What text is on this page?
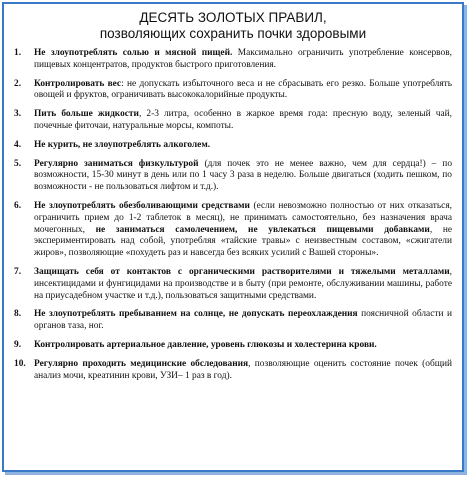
ДЕСЯТЬ ЗОЛОТЫХ ПРАВИЛ,
позволяющих сохранить почки здоровыми
1. Не злоупотреблять солью и мясной пищей. Максимально ограничить употребление консервов, пищевых концентратов, продуктов быстрого приготовления.
2. Контролировать вес: не допускать избыточного веса и не сбрасывать его резко. Больше употреблять овощей и фруктов, ограничивать высококалорийные продукты.
3. Пить больше жидкости, 2-3 литра, особенно в жаркое время года: пресную воду, зеленый чай, почечные фиточаи, натуральные морсы, компоты.
4. Не курить, не злоупотреблять алкоголем.
5. Регулярно заниматься физкультурой (для почек это не менее важно, чем для сердца!) – по возможности, 15-30 минут в день или по 1 часу 3 раза в неделю. Больше двигаться (ходить пешком, по возможности - не пользоваться лифтом и т.д.).
6. Не злоупотреблять обезболивающими средствами (если невозможно полностью от них отказаться, ограничить прием до 1-2 таблеток в месяц), не принимать самостоятельно, без назначения врача мочегонных, не заниматься самолечением, не увлекаться пищевыми добавками, не экспериментировать над собой, употребляя «тайские травы» с неизвестным составом, «сжигатели жиров», позволяющие «похудеть раз и навсегда без всяких усилий с Вашей стороны».
7. Защищать себя от контактов с органическими растворителями и тяжелыми металлами, инсектицидами и фунгицидами на производстве и в быту (при ремонте, обслуживании машины, работе на приусадебном участке и т.д.), пользоваться защитными средствами.
8. Не злоупотреблять пребыванием на солнце, не допускать переохлаждения поясничной области и органов таза, ног.
9. Контролировать артериальное давление, уровень глюкозы и холестерина крови.
10. Регулярно проходить медицинские обследования, позволяющие оценить состояние почек (общий анализ мочи, креатинин крови, УЗИ– 1 раз в год).
